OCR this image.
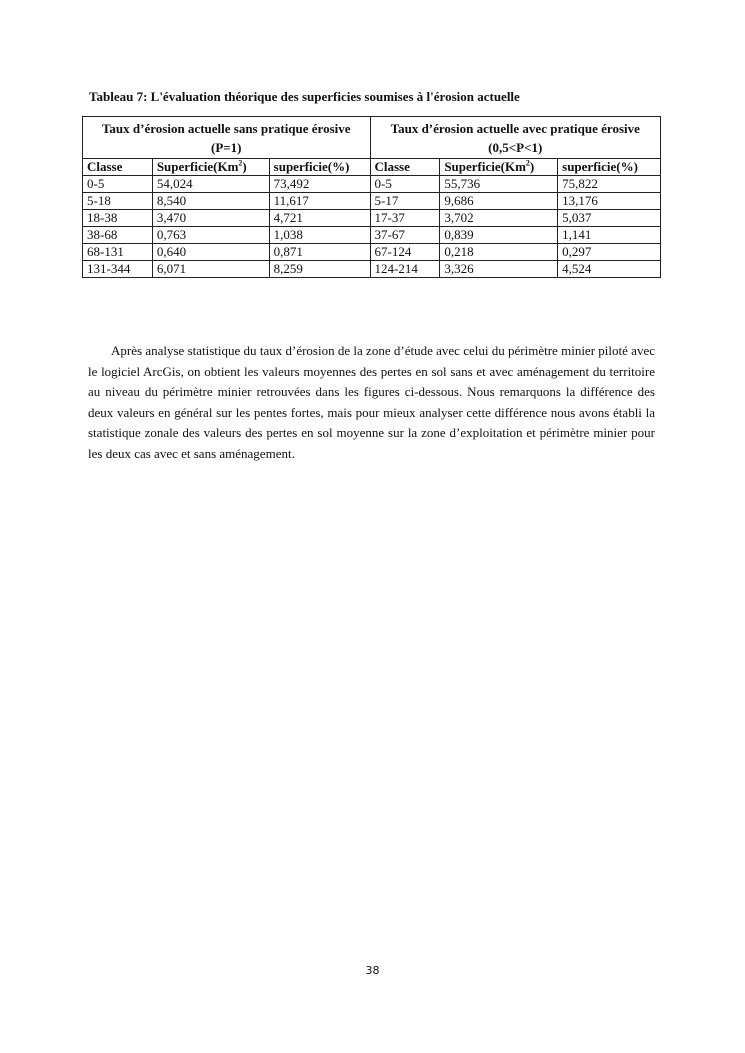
Tableau 7: L'évaluation théorique des superficies soumises à l'érosion actuelle
Taux d’érosion actuelle sans pratique érosive (P=1)			Taux d’érosion actuelle avec pratique érosive (0,5<P<1)		
Classe	Superficie(Km$^2$)	superficie(%)	Classe	Superficie(Km$^2$)	superficie(%)
0-5	54,024	73,492	0-5	55,736	75,822
5-18	8,540	11,617	5-17	9,686	13,176
18-38	3,470	4,721	17-37	3,702	5,037
38-68	0,763	1,038	37-67	0,839	1,141
68-131	0,640	0,871	67-124	0,218	0,297
131-344	6,071	8,259	124-214	3,326	4,524

Après analyse statistique du taux d’érosion de la zone d’étude avec celui du périmètre minier piloté avec le logiciel ArcGis, on obtient les valeurs moyennes des pertes en sol sans et avec aménagement du territoire au niveau du périmètre minier retrouvées dans les figures ci-dessous. Nous remarquons la différence des deux valeurs en général sur les pentes fortes, mais pour mieux analyser cette différence nous avons établi la statistique zonale des valeurs des pertes en sol moyenne sur la zone d’exploitation et périmètre minier pour les deux cas avec et sans aménagement.

38
